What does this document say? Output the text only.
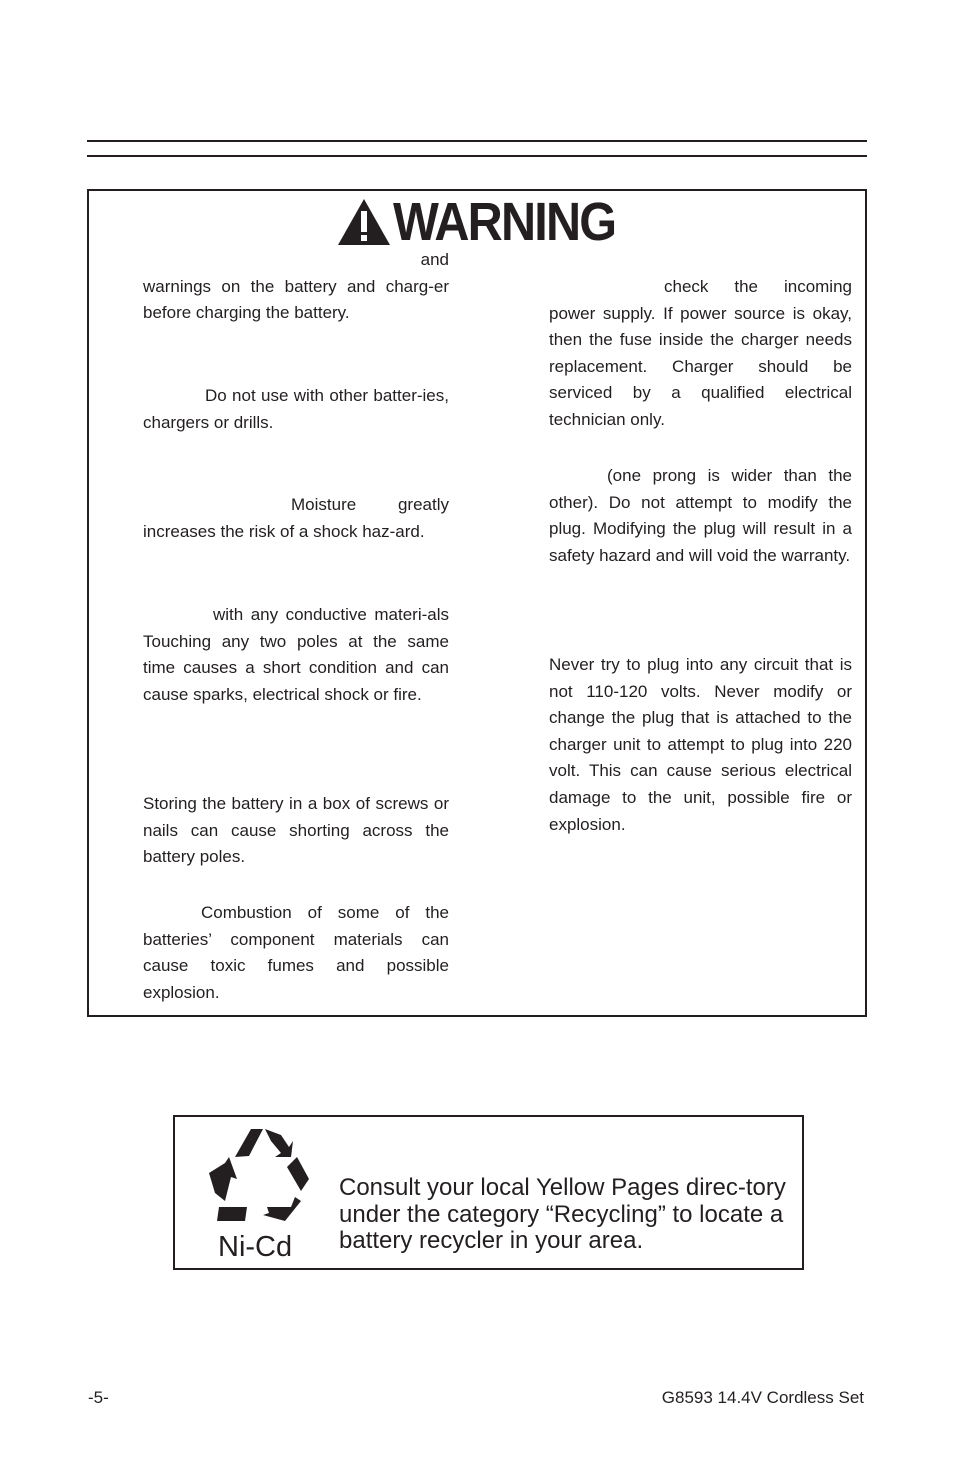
WARNING

and
warnings on the battery and charg-er before charging the battery.

Do not use with other batter-ies, chargers or drills.

Moisture greatly increases the risk of a shock haz-ard.

with any conductive materi-als Touching any two poles at the same time causes a short condition and can cause sparks, electrical shock or fire.

Storing the battery in a box of screws or nails can cause shorting across the battery poles.

Combustion of some of the batteries’ component materials can cause toxic fumes and possible explosion.

check the incoming power supply. If power source is okay, then the fuse inside the charger needs replacement. Charger should be serviced by a qualified electrical technician only.

(one prong is wider than the other). Do not attempt to modify the plug. Modifying the plug will result in a safety hazard and will void the warranty.

Never try to plug into any circuit that is not 110-120 volts. Never modify or change the plug that is attached to the charger unit to attempt to plug into 220 volt. This can cause serious electrical damage to the unit, possible fire or explosion.

Ni-Cd

Consult your local Yellow Pages direc-tory under the category “Recycling” to locate a battery recycler in your area.

-5-	G8593 14.4V Cordless Set
